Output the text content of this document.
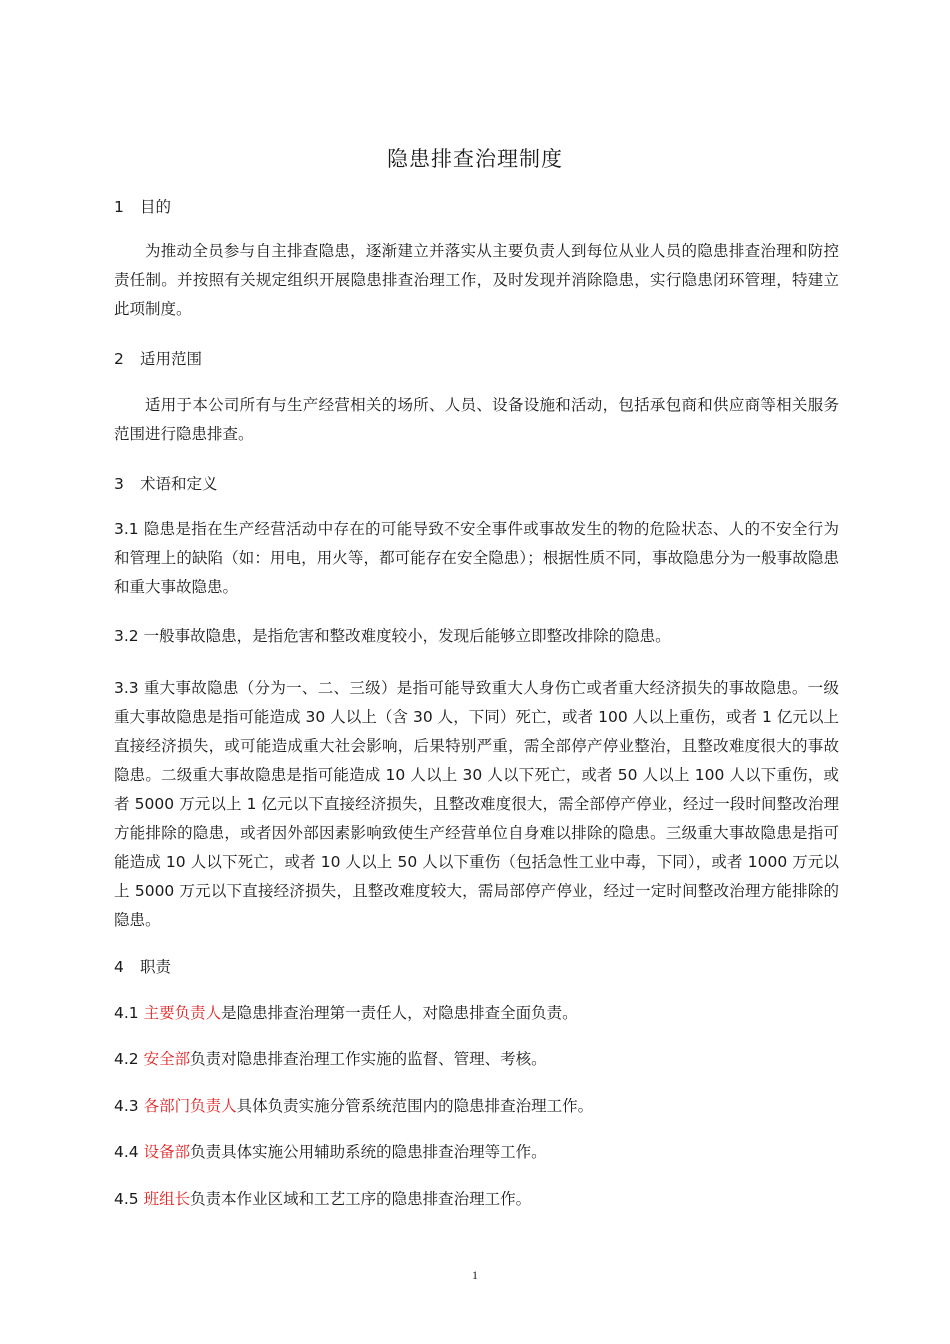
隐患排查治理制度
1 目的
为推动全员参与自主排查隐患，逐渐建立并落实从主要负责人到每位从业人员的隐患排查治理和防控责任制。并按照有关规定组织开展隐患排查治理工作，及时发现并消除隐患，实行隐患闭环管理，特建立此项制度。
2 适用范围
适用于本公司所有与生产经营相关的场所、人员、设备设施和活动，包括承包商和供应商等相关服务范围进行隐患排查。
3 术语和定义
3.1 隐患是指在生产经营活动中存在的可能导致不安全事件或事故发生的物的危险状态、人的不安全行为和管理上的缺陷（如：用电，用火等，都可能存在安全隐患）；根据性质不同，事故隐患分为一般事故隐患和重大事故隐患。
3.2 一般事故隐患，是指危害和整改难度较小，发现后能够立即整改排除的隐患。
3.3 重大事故隐患（分为一、二、三级）是指可能导致重大人身伤亡或者重大经济损失的事故隐患。一级重大事故隐患是指可能造成 30 人以上（含 30 人，下同）死亡，或者 100 人以上重伤，或者 1 亿元以上直接经济损失，或可能造成重大社会影响，后果特别严重，需全部停产停业整治，且整改难度很大的事故隐患。二级重大事故隐患是指可能造成 10 人以上 30 人以下死亡，或者 50 人以上 100 人以下重伤，或者 5000 万元以上 1 亿元以下直接经济损失，且整改难度很大，需全部停产停业，经过一段时间整改治理方能排除的隐患，或者因外部因素影响致使生产经营单位自身难以排除的隐患。三级重大事故隐患是指可能造成 10 人以下死亡，或者 10 人以上 50 人以下重伤（包括急性工业中毒，下同），或者 1000 万元以上 5000 万元以下直接经济损失，且整改难度较大，需局部停产停业，经过一定时间整改治理方能排除的隐患。
4 职责
4.1 主要负责人是隐患排查治理第一责任人，对隐患排查全面负责。
4.2 安全部负责对隐患排查治理工作实施的监督、管理、考核。
4.3 各部门负责人具体负责实施分管系统范围内的隐患排查治理工作。
4.4 设备部负责具体实施公用辅助系统的隐患排查治理等工作。
4.5 班组长负责本作业区域和工艺工序的隐患排查治理工作。
1
